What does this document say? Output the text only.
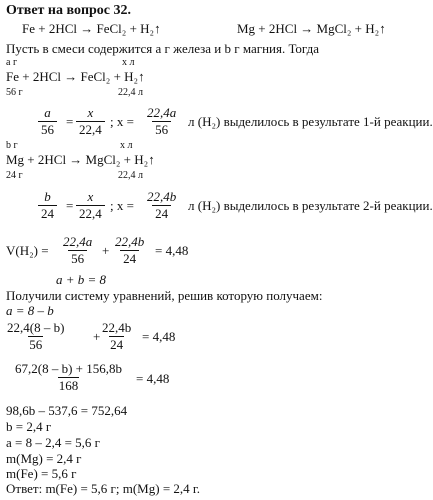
Ответ на вопрос 32.
Fe + 2HCl → FeCl₂ + H₂↑	Mg + 2HCl → MgCl₂ + H₂↑
Пусть в смеси содержится a г железа и b г магния. Тогда
a г	x л
Fe + 2HCl → FeCl₂ + H₂↑
56 г	22,4 л
$\frac{a}{56} = \frac{x}{22,4}$ ; $x = \frac{22,4a}{56}$ л (H₂) выделилось в результате 1-й реакции.
b г	x л
Mg + 2HCl → MgCl₂ + H₂↑
24 г	22,4 л
$\frac{b}{24} = \frac{x}{22,4}$ ; $x = \frac{22,4b}{24}$ л (H₂) выделилось в результате 2-й реакции.
$V(H_2) = \frac{22,4a}{56} + \frac{22,4b}{24} = 4,48$
a + b = 8
Получили систему уравнений, решив которую получаем:
a = 8 – b
$\frac{22,4(8 - b)}{56} + \frac{22,4b}{24} = 4,48$
$\frac{67,2(8 - b) + 156,8b}{168} = 4,48$
98,6b – 537,6 = 752,64
b = 2,4 г
a = 8 – 2,4 = 5,6 г
m(Mg) = 2,4 г
m(Fe) = 5,6 г
Ответ: m(Fe) = 5,6 г; m(Mg) = 2,4 г.
